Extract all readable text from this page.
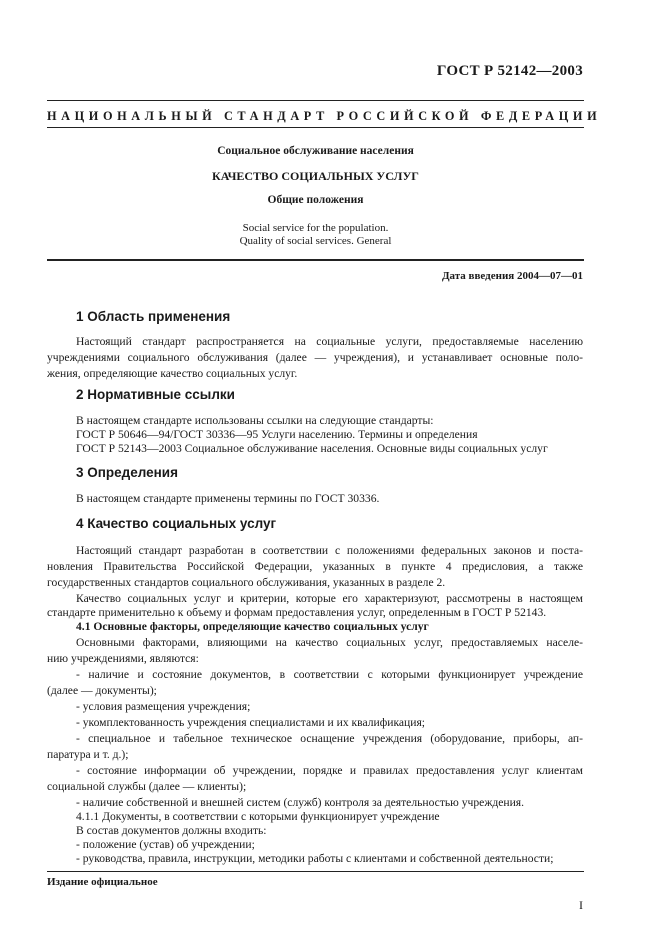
ГОСТ Р 52142—2003
НАЦИОНАЛЬНЫЙ СТАНДАРТ РОССИЙСКОЙ ФЕДЕРАЦИИ
Социальное обслуживание населения
КАЧЕСТВО СОЦИАЛЬНЫХ УСЛУГ
Общие положения
Social service for the population.
Quality of social services. General
Дата введения 2004—07—01
1 Область применения
Настоящий стандарт распространяется на социальные услуги, предоставляемые населению
учреждениями социального обслуживания (далее — учреждения), и устанавливает основные поло-
жения, определяющие качество социальных услуг.
2 Нормативные ссылки
В настоящем стандарте использованы ссылки на следующие стандарты:
ГОСТ Р 50646—94/ГОСТ 30336—95 Услуги населению. Термины и определения
ГОСТ Р 52143—2003 Социальное обслуживание населения. Основные виды социальных услуг
3 Определения
В настоящем стандарте применены термины по ГОСТ 30336.
4 Качество социальных услуг
Настоящий стандарт разработан в соответствии с положениями федеральных законов и поста-
новления Правительства Российской Федерации, указанных в пункте 4 предисловия, а также
государственных стандартов социального обслуживания, указанных в разделе 2.
Качество социальных услуг и критерии, которые его характеризуют, рассмотрены в настоящем
стандарте применительно к объему и формам предоставления услуг, определенным в ГОСТ Р 52143.
4.1 Основные факторы, определяющие качество социальных услуг
Основными факторами, влияющими на качество социальных услуг, предоставляемых населе-
нию учреждениями, являются:
- наличие и состояние документов, в соответствии с которыми функционирует учреждение
(далее — документы);
- условия размещения учреждения;
- укомплектованность учреждения специалистами и их квалификация;
- специальное и табельное техническое оснащение учреждения (оборудование, приборы, ап-
паратура и т. д.);
- состояние информации об учреждении, порядке и правилах предоставления услуг клиентам
социальной службы (далее — клиенты);
- наличие собственной и внешней систем (служб) контроля за деятельностью учреждения.
4.1.1 Документы, в соответствии с которыми функционирует учреждение
В состав документов должны входить:
- положение (устав) об учреждении;
- руководства, правила, инструкции, методики работы с клиентами и собственной деятельности;
Издание официальное
I
